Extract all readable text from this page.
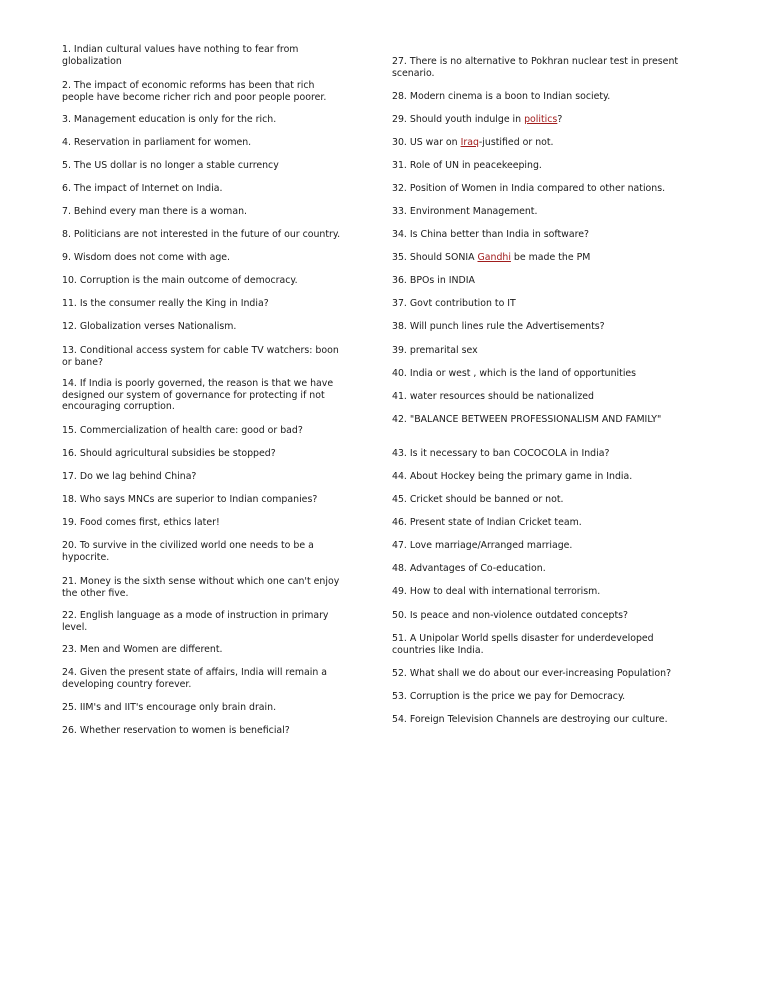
1. Indian cultural values have nothing to fear from globalization

2. The impact of economic reforms has been that rich people have become richer rich and poor people poorer.

3. Management education is only for the rich.

4. Reservation in parliament for women.

5. The US dollar is no longer a stable currency

6. The impact of Internet on India.

7. Behind every man there is a woman.

8. Politicians are not interested in the future of our country.

9. Wisdom does not come with age.

10. Corruption is the main outcome of democracy.

11. Is the consumer really the King in India?

12. Globalization verses Nationalism.

13. Conditional access system for cable TV watchers: boon or bane?

14. If India is poorly governed, the reason is that we have designed our system of governance for protecting if not encouraging corruption.

15. Commercialization of health care: good or bad?

16. Should agricultural subsidies be stopped?

17. Do we lag behind China?

18. Who says MNCs are superior to Indian companies?

19. Food comes first, ethics later!

20. To survive in the civilized world one needs to be a hypocrite.

21. Money is the sixth sense without which one can't enjoy the other five.

22. English language as a mode of instruction in primary level.

23. Men and Women are different.

24. Given the present state of affairs, India will remain a developing country forever.

25. IIM's and IIT's encourage only brain drain.

26. Whether reservation to women is beneficial?

27. There is no alternative to Pokhran nuclear test in present scenario.

28. Modern cinema is a boon to Indian society.

29. Should youth indulge in politics?

30. US war on Iraq-justified or not.

31. Role of UN in peacekeeping.

32. Position of Women in India compared to other nations.

33. Environment Management.

34. Is China better than India in software?

35. Should SONIA Gandhi be made the PM

36. BPOs in INDIA

37. Govt contribution to IT

38. Will punch lines rule the Advertisements?

39. premarital sex

40. India or west , which is the land of opportunities

41. water resources should be nationalized

42. "BALANCE BETWEEN PROFESSIONALISM AND FAMILY"

43. Is it necessary to ban COCOCOLA in India?

44. About Hockey being the primary game in India.

45. Cricket should be banned or not.

46. Present state of Indian Cricket team.

47. Love marriage/Arranged marriage.

48. Advantages of Co-education.

49. How to deal with international terrorism.

50. Is peace and non-violence outdated concepts?

51. A Unipolar World spells disaster for underdeveloped countries like India.

52. What shall we do about our ever-increasing Population?

53. Corruption is the price we pay for Democracy.

54. Foreign Television Channels are destroying our culture.
